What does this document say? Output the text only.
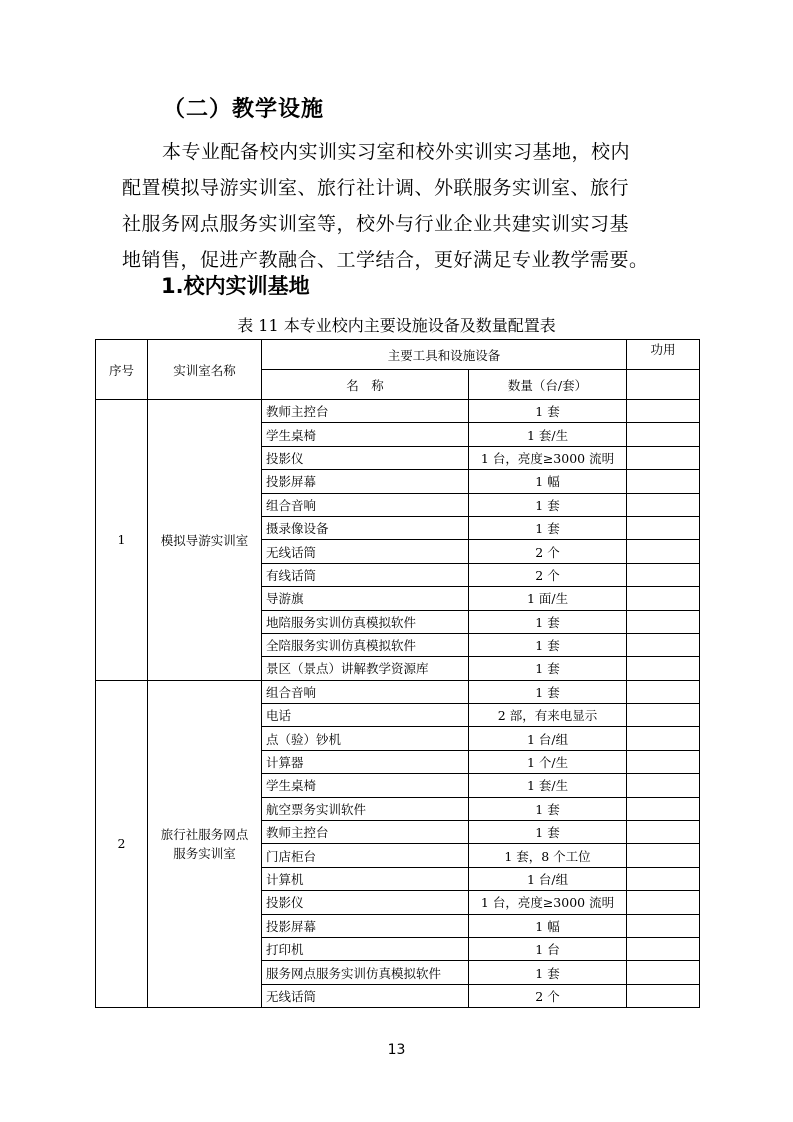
（二）教学设施

本专业配备校内实训实习室和校外实训实习基地，校内
配置模拟导游实训室、旅行社计调、外联服务实训室、旅行
社服务网点服务实训室等，校外与行业企业共建实训实习基
地销售，促进产教融合、工学结合，更好满足专业教学需要。

1.校内实训基地
表 11 本专业校内主要设施设备及数量配置表
序号	实训室名称	主要工具和设施设备		功用
		名　称	数量（台/套）	
1	模拟导游实训室	教师主控台	1 套	
		学生桌椅	1 套/生	
		投影仪	1 台，亮度≥3000 流明	
		投影屏幕	1 幅	
		组合音响	1 套	
		摄录像设备	1 套	
		无线话筒	2 个	
		有线话筒	2 个	
		导游旗	1 面/生	
		地陪服务实训仿真模拟软件	1 套	
		全陪服务实训仿真模拟软件	1 套	
		景区（景点）讲解教学资源库	1 套	
2	旅行社服务网点
服务实训室	组合音响	1 套	
		电话	2 部，有来电显示	
		点（验）钞机	1 台/组	
		计算器	1 个/生	
		学生桌椅	1 套/生	
		航空票务实训软件	1 套	
		教师主控台	1 套	
		门店柜台	1 套，8 个工位	
		计算机	1 台/组	
		投影仪	1 台，亮度≥3000 流明	
		投影屏幕	1 幅	
		打印机	1 台	
		服务网点服务实训仿真模拟软件	1 套	
		无线话筒	2 个	
13
